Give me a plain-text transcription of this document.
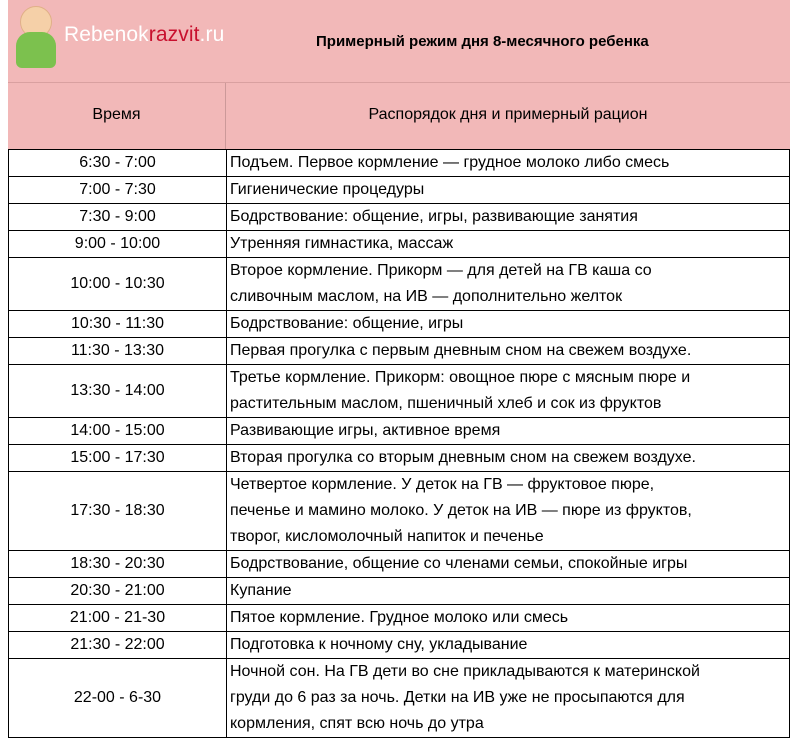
Rebenokrazvit.ru	Примерный режим дня 8-месячного ребенка
Время	Распорядок дня и примерный рацион
6:30 - 7:00	Подъем. Первое кормление — грудное молоко либо смесь

7:00 - 7:30	Гигиенические процедуры

7:30 - 9:00	Бодрствование: общение, игры, развивающие занятия

9:00 - 10:00	Утренняя гимнастика, массаж

10:00 - 10:30	Второе кормление. Прикорм — для детей на ГВ каша со
сливочным маслом, на ИВ — дополнительно желток

10:30 - 11:30	Бодрствование: общение, игры

11:30 - 13:30	Первая прогулка с первым дневным сном на свежем воздухе.

13:30 - 14:00	Третье кормление. Прикорм: овощное пюре с мясным пюре и
растительным маслом, пшеничный хлеб и сок из фруктов

14:00 - 15:00	Развивающие игры, активное время

15:00 - 17:30	Вторая прогулка со вторым дневным сном на свежем воздухе.

17:30 - 18:30	Четвертое кормление. У деток на ГВ — фруктовое пюре,
печенье и мамино молоко. У деток на ИВ — пюре из фруктов,
творог, кисломолочный напиток и печенье

18:30 - 20:30	Бодрствование, общение со членами семьи, спокойные игры

20:30 - 21:00	Купание

21:00 - 21-30	Пятое кормление. Грудное молоко или смесь

21:30 - 22:00	Подготовка к ночному сну, укладывание

22-00 - 6-30	Ночной сон. На ГВ дети во сне прикладываются к материнской
груди до 6 раз за ночь. Детки на ИВ уже не просыпаются для
кормления, спят всю ночь до утра
